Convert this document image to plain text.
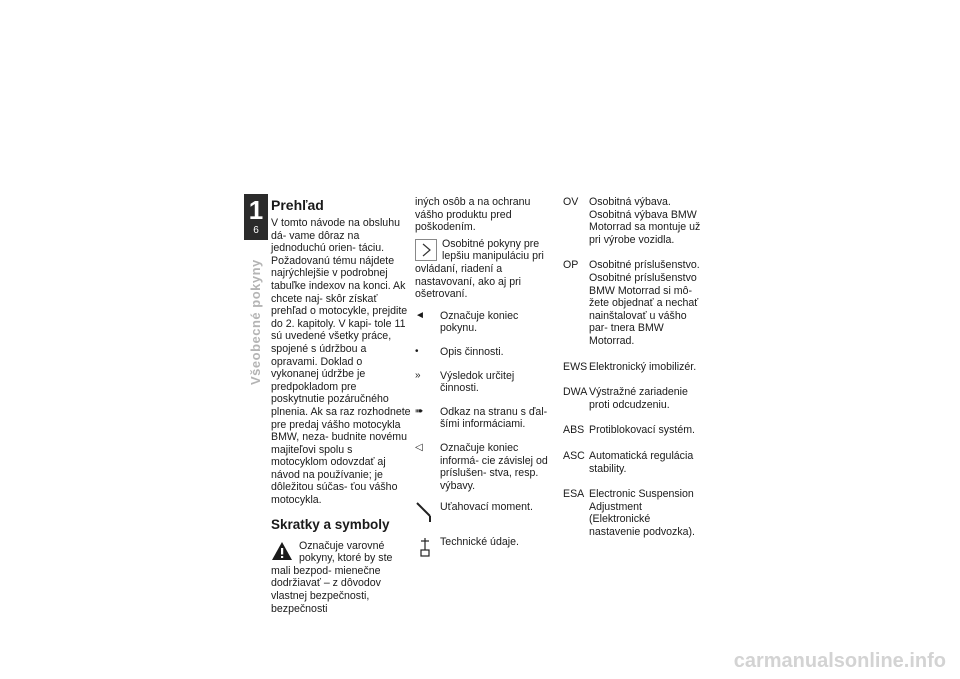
1
6
Všeobecné pokyny
Prehľad

V tomto návode na obsluhu dá- vame dôraz na jednoduchú orien- táciu. Požadovanú tému nájdete najrýchlejšie v podrobnej tabuľke indexov na konci. Ak chcete naj- skôr získať prehľad o motocykle, prejdite do 2. kapitoly. V kapi- tole 11 sú uvedené všetky práce, spojené s údržbou a opravami. Doklad o vykonanej údržbe je predpokladom pre poskytnutie pozáručného plnenia. Ak sa raz rozhodnete pre predaj vášho motocykla BMW, neza- budnite novému majiteľovi spolu s motocyklom odovzdať aj návod na používanie; je dôležitou súčas- ťou vášho motocykla.

Skratky a symboly
Označuje varovné pokyny, ktoré by ste mali bezpod- mienečne dodržiavať – z dôvodov vlastnej bezpečnosti, bezpečnosti

iných osôb a na ochranu vášho produktu pred poškodením.

Osobitné pokyny pre lepšiu manipuláciu pri ovládaní, riadení a nastavovaní, ako aj pri ošetrovaní.
◄	Označuje koniec pokynu.
•	Opis činnosti.
»	Výsledok určitej činnosti.
➠	Odkaz na stranu s ďal- šími informáciami.
◁	Označuje koniec informá- cie závislej od príslušen- stva, resp. výbavy.
Uťahovací moment.
Technické údaje.
OV	Osobitná výbava. Osobitná výbava BMW Motorrad sa montuje už pri výrobe vozidla.
OP	Osobitné príslušenstvo. Osobitné príslušenstvo BMW Motorrad si mô- žete objednať a nechať nainštalovať u vášho par- tnera BMW Motorrad.
EWS Elektronický imobilizér.
DWA Výstražné zariadenie proti odcudzeniu.
ABS Protiblokovací systém.
ASC Automatická regulácia stability.
ESA Electronic Suspension Adjustment (Elektronické nastavenie podvozka).
carmanualsonline.info
